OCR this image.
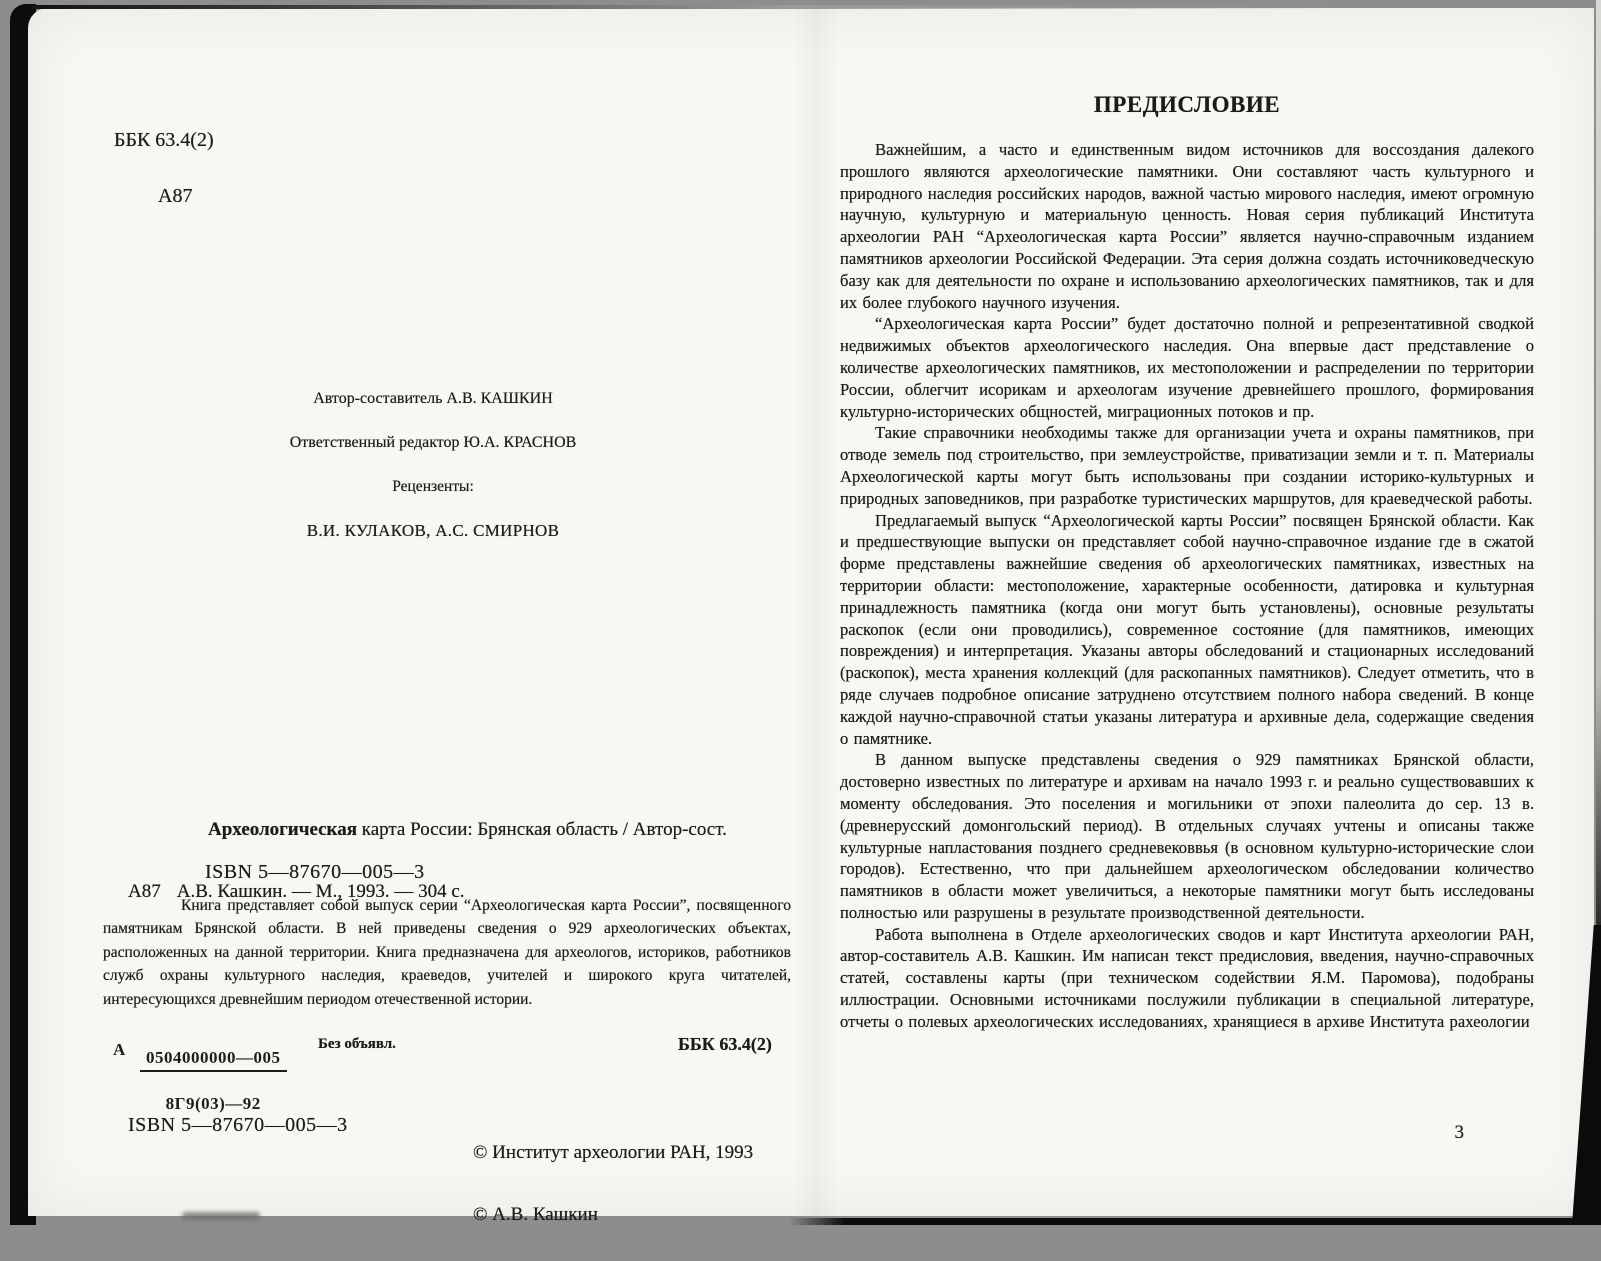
ББК 63.4(2)

А87

Автор-составитель А.В. КАШКИН

Ответственный редактор Ю.А. КРАСНОВ

Рецензенты:

В.И. КУЛАКОВ, А.С. СМИРНОВ

Археологическая карта России: Брянская область / Автор-сост.

А87 А.В. Кашкин. — М., 1993. — 304 с.

ISBN 5—87670—005—3
Книга представляет собой выпуск серии “Археологическая карта России”, посвященного памятникам Брянской области. В ней приведены сведения о 929 археологических объектах, расположенных на данной территории. Книга предназначена для археологов, историков, работников служб охраны культурного наследия, краеведов, учителей и широкого круга читателей, интересующихся древнейшим периодом отечественной истории.
А	0504000000—005

8Г9(03)—92

Без объявл.	ББК 63.4(2)
ISBN 5—87670—005—3

© Институт археологии РАН, 1993

© А.В. Кашкин

ПРЕДИСЛОВИЕ

Важнейшим, а часто и единственным видом источников для воссоздания далекого прошлого являются археологические памятники. Они составляют часть культурного и природного наследия российских народов, важной частью мирового наследия, имеют огромную научную, культурную и материальную ценность. Новая серия публикаций Института археологии РАН “Археологическая карта России” является научно-справочным изданием памятников археологии Российской Федерации. Эта серия должна создать источниковедческую базу как для деятельности по охране и использованию археологических памятников, так и для их более глубокого научного изучения.

“Археологическая карта России” будет достаточно полной и репрезентативной сводкой недвижимых объектов археологического наследия. Она впервые даст представление о количестве археологических памятников, их местоположении и распределении по территории России, облегчит исорикам и археологам изучение древнейшего прошлого, формирования культурно-исторических общностей, миграционных потоков и пр.

Такие справочники необходимы также для организации учета и охраны памятников, при отводе земель под строительство, при землеустройстве, приватизации земли и т. п. Материалы Археологической карты могут быть использованы при создании историко-культурных и природных заповедников, при разработке туристических маршрутов, для краеведческой работы.

Предлагаемый выпуск “Археологической карты России” посвящен Брянской области. Как и предшествующие выпуски он представляет собой научно-справочное издание где в сжатой форме представлены важнейшие сведения об археологических памятниках, известных на территории области: местоположение, характерные особенности, датировка и культурная принадлежность памятника (когда они могут быть установлены), основные результаты раскопок (если они проводились), современное состояние (для памятников, имеющих повреждения) и интерпретация. Указаны авторы обследований и стационарных исследований (раскопок), места хранения коллекций (для раскопанных памятников). Следует отметить, что в ряде случаев подробное описание затруднено отсутствием полного набора сведений. В конце каждой научно-справочной статьи указаны литература и архивные дела, содержащие сведения о памятнике.

В данном выпуске представлены сведения о 929 памятниках Брянской области, достоверно известных по литературе и архивам на начало 1993 г. и реально существовавших к моменту обследования. Это поселения и могильники от эпохи палеолита до сер. 13 в. (древнерусский домонгольский период). В отдельных случаях учтены и описаны также культурные напластования позднего средневековвья (в основном культурно-исторические слои городов). Естественно, что при дальнейшем археологическом обследовании количество памятников в области может увеличиться, а некоторые памятники могут быть исследованы полностью или разрушены в результате производственной деятельности.

Работа выполнена в Отделе археологических сводов и карт Института археологии РАН, автор-составитель А.В. Кашкин. Им написан текст предисловия, введения, научно-справочных статей, составлены карты (при техническом содействии Я.М. Паромова), подобраны иллюстрации. Основными источниками послужили публикации в специальной литературе, отчеты о полевых археологических исследованиях, хранящиеся в архиве Института рахеологии

3
